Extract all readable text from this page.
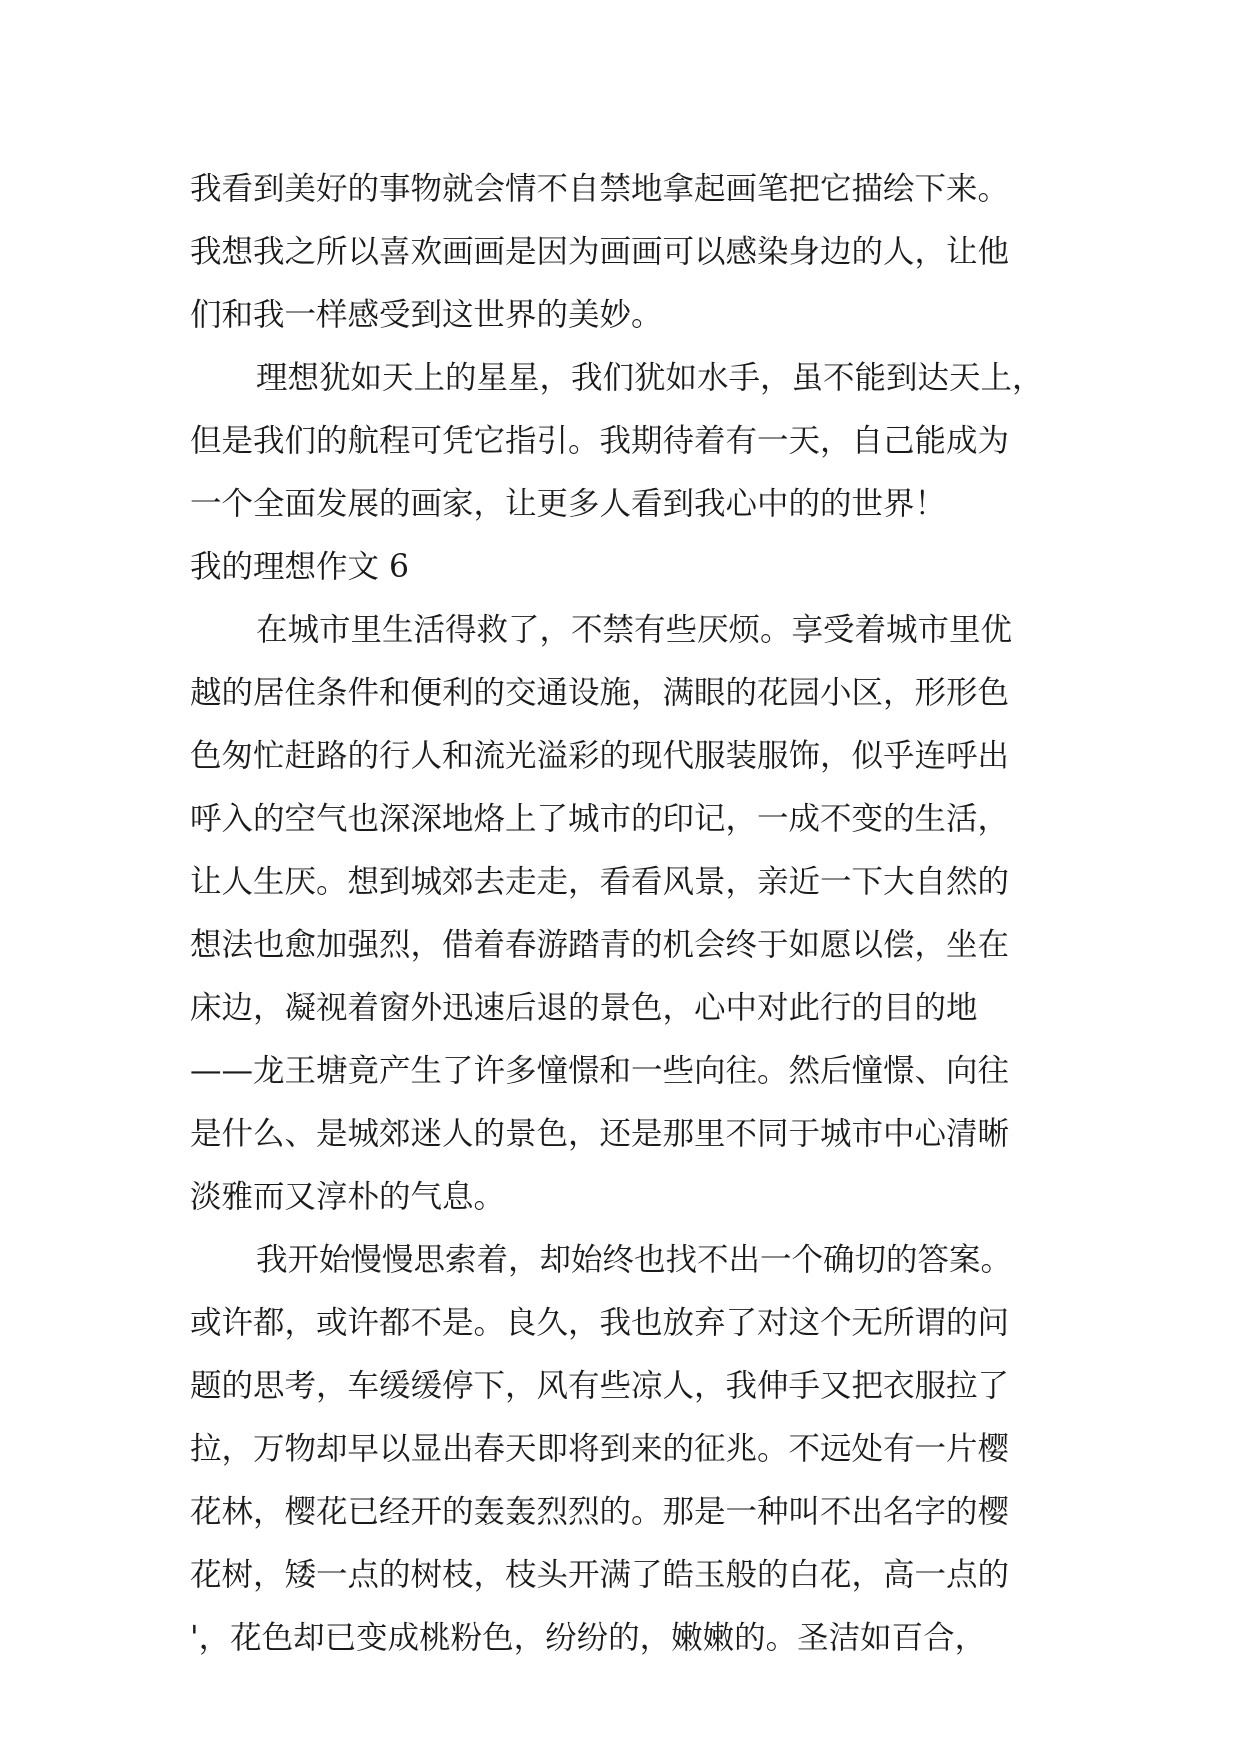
我看到美好的事物就会情不自禁地拿起画笔把它描绘下来。
我想我之所以喜欢画画是因为画画可以感染身边的人，让他
们和我一样感受到这世界的美妙。
理想犹如天上的星星，我们犹如水手，虽不能到达天上，
但是我们的航程可凭它指引。我期待着有一天，自己能成为
一个全面发展的画家，让更多人看到我心中的的世界！
我的理想作文 6
在城市里生活得救了，不禁有些厌烦。享受着城市里优
越的居住条件和便利的交通设施，满眼的花园小区，形形色
色匆忙赶路的行人和流光溢彩的现代服装服饰，似乎连呼出
呼入的空气也深深地烙上了城市的印记，一成不变的生活，
让人生厌。想到城郊去走走，看看风景，亲近一下大自然的
想法也愈加强烈，借着春游踏青的机会终于如愿以偿，坐在
床边，凝视着窗外迅速后退的景色，心中对此行的目的地
——龙王塘竟产生了许多憧憬和一些向往。然后憧憬、向往
是什么、是城郊迷人的景色，还是那里不同于城市中心清晰
淡雅而又淳朴的气息。
我开始慢慢思索着，却始终也找不出一个确切的答案。
或许都，或许都不是。良久，我也放弃了对这个无所谓的问
题的思考，车缓缓停下，风有些凉人，我伸手又把衣服拉了
拉，万物却早以显出春天即将到来的征兆。不远处有一片樱
花林，樱花已经开的轰轰烈烈的。那是一种叫不出名字的樱
花树，矮一点的树枝，枝头开满了皓玉般的白花，高一点的
'，花色却已变成桃粉色，纷纷的，嫩嫩的。圣洁如百合，
